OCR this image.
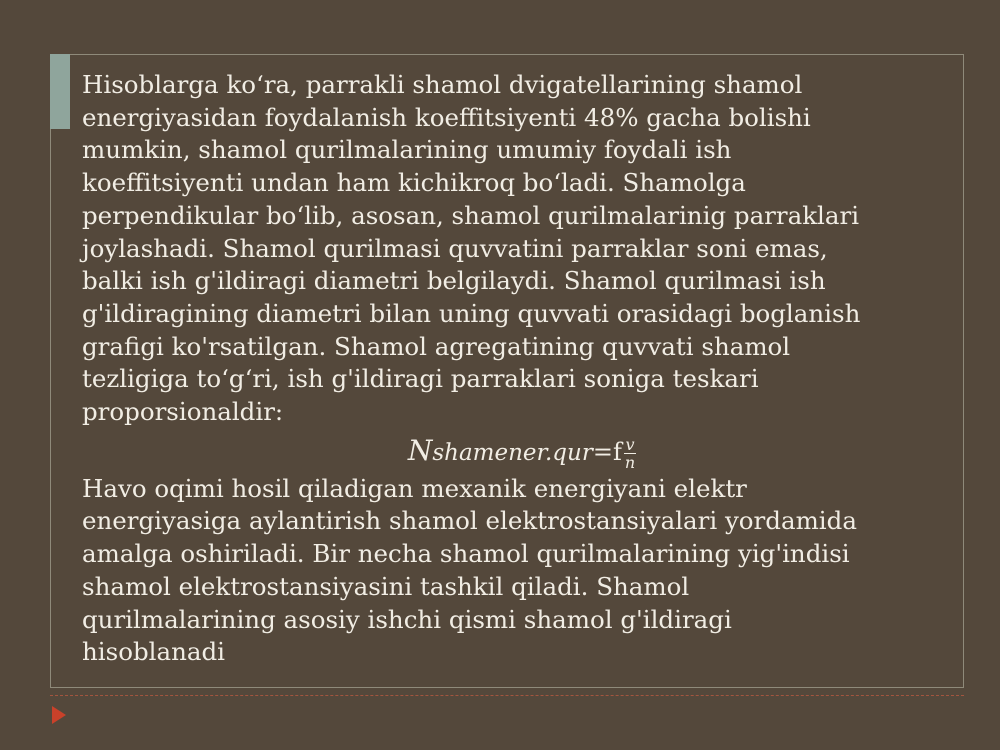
Hisoblarga ko‘ra, parrakli shamol dvigatellarining shamol
energiyasidan foydalanish koeffitsiyenti 48% gacha bolishi
mumkin, shamol qurilmalarining umumiy foydali ish
koeffitsiyenti undan ham kichikroq bo‘ladi. Shamolga
perpendikular bo‘lib, asosan, shamol qurilmalarinig parraklari
joylashadi. Shamol qurilmasi quvvatini parraklar soni emas,
balki ish g'ildiragi diametri belgilaydi. Shamol qurilmasi ish
g'ildiragining diametri bilan uning quvvati orasidagi boglanish
grafigi ko'rsatilgan. Shamol agregatining quvvati shamol
tezligiga to‘g‘ri, ish g'ildiragi parraklari soniga teskari
proporsionaldir:

Nshamener.qur=f $\frac{v}{n}$

Havo oqimi hosil qiladigan mexanik energiyani elektr
energiyasiga aylantirish shamol elektrostansiyalari yordamida
amalga oshiriladi. Bir necha shamol qurilmalarining yig'indisi
shamol elektrostansiyasini tashkil qiladi. Shamol
qurilmalarining asosiy ishchi qismi shamol g'ildiragi
hisoblanadi
